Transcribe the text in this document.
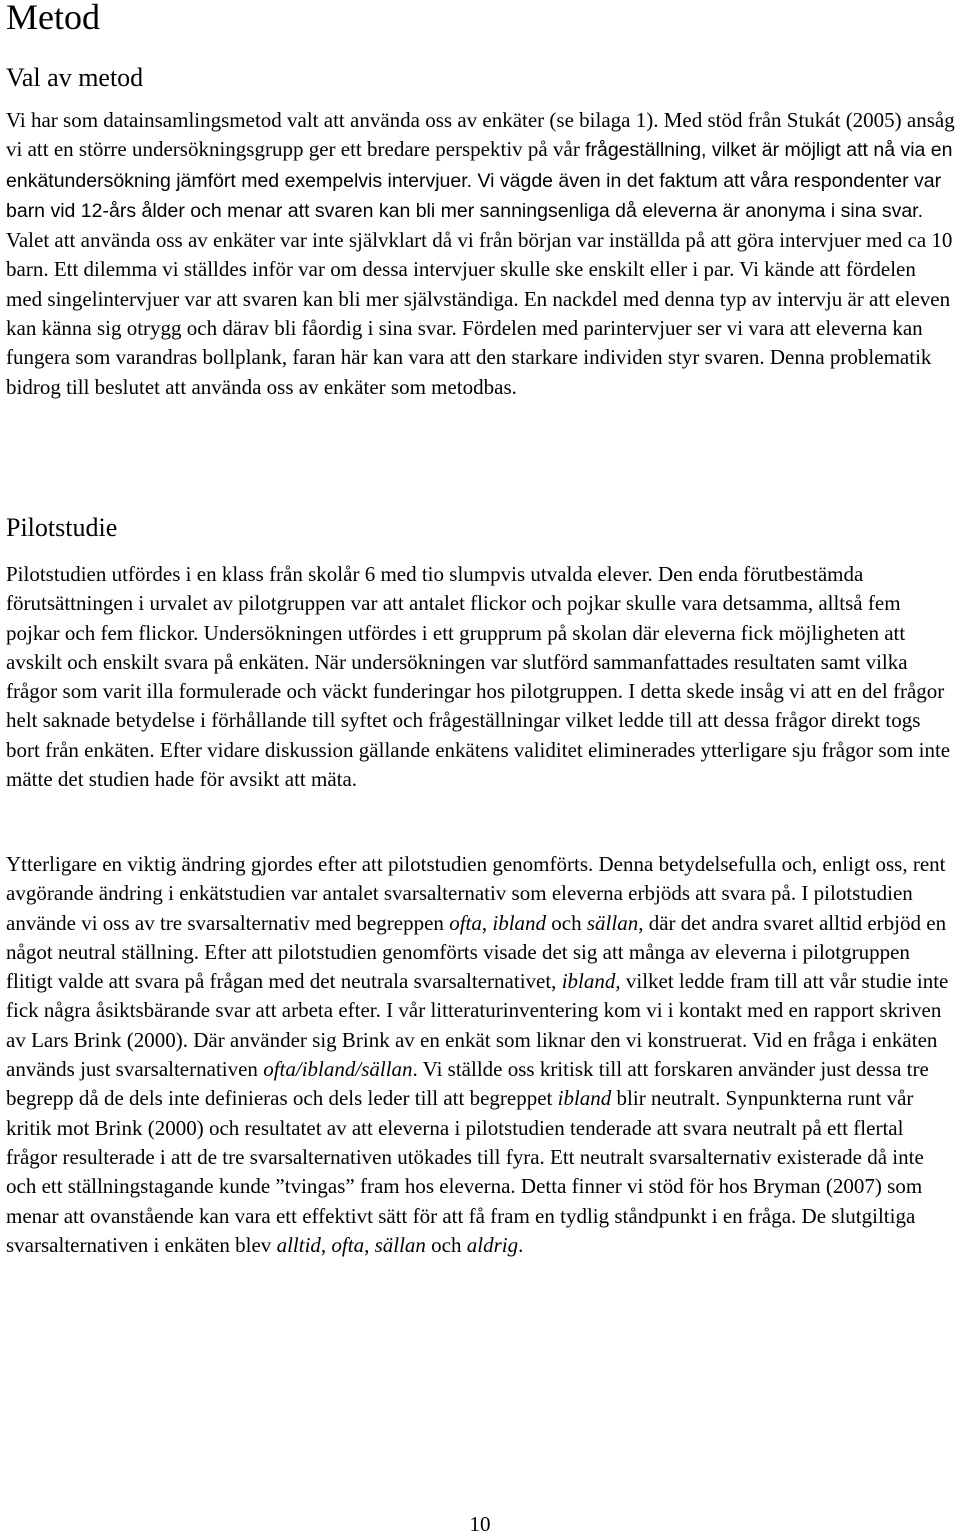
Metod
Val av metod
Vi har som datainsamlingsmetod valt att använda oss av enkäter (se bilaga 1). Med stöd från Stukát (2005) ansåg vi att en större undersökningsgrupp ger ett bredare perspektiv på vår frågeställning, vilket är möjligt att nå via en enkätundersökning jämfört med exempelvis intervjuer. Vi vägde även in det faktum att våra respondenter var barn vid 12-års ålder och menar att svaren kan bli mer sanningsenliga då eleverna är anonyma i sina svar. Valet att använda oss av enkäter var inte självklart då vi från början var inställda på att göra intervjuer med ca 10 barn. Ett dilemma vi ställdes inför var om dessa intervjuer skulle ske enskilt eller i par. Vi kände att fördelen med singelintervjuer var att svaren kan bli mer självständiga. En nackdel med denna typ av intervju är att eleven kan känna sig otrygg och därav bli fåordig i sina svar. Fördelen med parintervjuer ser vi vara att eleverna kan fungera som varandras bollplank, faran här kan vara att den starkare individen styr svaren. Denna problematik bidrog till beslutet att använda oss av enkäter som metodbas.
Pilotstudie
Pilotstudien utfördes i en klass från skolår 6 med tio slumpvis utvalda elever. Den enda förutbestämda förutsättningen i urvalet av pilotgruppen var att antalet flickor och pojkar skulle vara detsamma, alltså fem pojkar och fem flickor. Undersökningen utfördes i ett grupprum på skolan där eleverna fick möjligheten att avskilt och enskilt svara på enkäten. När undersökningen var slutförd sammanfattades resultaten samt vilka frågor som varit illa formulerade och väckt funderingar hos pilotgruppen. I detta skede insåg vi att en del frågor helt saknade betydelse i förhållande till syftet och frågeställningar vilket ledde till att dessa frågor direkt togs bort från enkäten. Efter vidare diskussion gällande enkätens validitet eliminerades ytterligare sju frågor som inte mätte det studien hade för avsikt att mäta.
Ytterligare en viktig ändring gjordes efter att pilotstudien genomförts. Denna betydelsefulla och, enligt oss, rent avgörande ändring i enkätstudien var antalet svarsalternativ som eleverna erbjöds att svara på. I pilotstudien använde vi oss av tre svarsalternativ med begreppen ofta, ibland och sällan, där det andra svaret alltid erbjöd en något neutral ställning. Efter att pilotstudien genomförts visade det sig att många av eleverna i pilotgruppen flitigt valde att svara på frågan med det neutrala svarsalternativet, ibland, vilket ledde fram till att vår studie inte fick några åsiktsbärande svar att arbeta efter. I vår litteraturinventering kom vi i kontakt med en rapport skriven av Lars Brink (2000). Där använder sig Brink av en enkät som liknar den vi konstruerat. Vid en fråga i enkäten används just svarsalternativen ofta/ibland/sällan. Vi ställde oss kritisk till att forskaren använder just dessa tre begrepp då de dels inte definieras och dels leder till att begreppet ibland blir neutralt. Synpunkterna runt vår kritik mot Brink (2000) och resultatet av att eleverna i pilotstudien tenderade att svara neutralt på ett flertal frågor resulterade i att de tre svarsalternativen utökades till fyra. Ett neutralt svarsalternativ existerade då inte och ett ställningstagande kunde ”tvingas” fram hos eleverna. Detta finner vi stöd för hos Bryman (2007) som menar att ovanstående kan vara ett effektivt sätt för att få fram en tydlig ståndpunkt i en fråga. De slutgiltiga svarsalternativen i enkäten blev alltid, ofta, sällan och aldrig.
10
